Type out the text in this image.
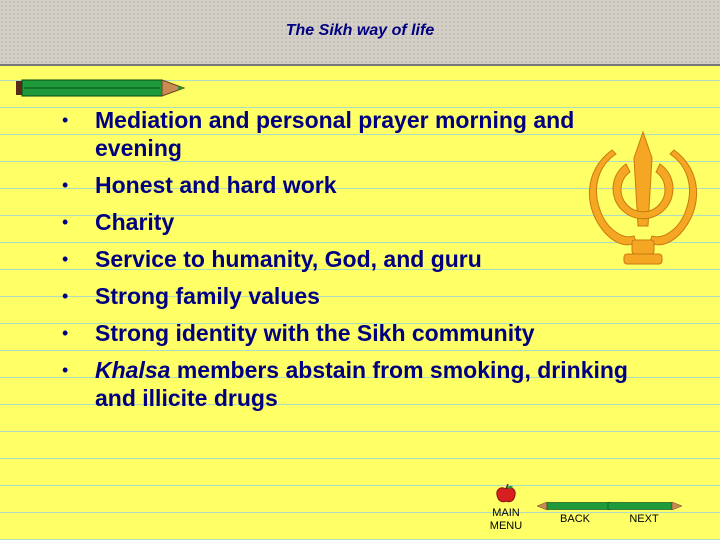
The Sikh way of life
• Mediation and personal prayer morning and evening
• Honest and hard work
• Charity
• Service to humanity, God, and guru
• Strong family values
• Strong identity with the Sikh community
• Khalsa members abstain from smoking, drinking and illicite drugs
MAIN MENU
BACK	NEXT
